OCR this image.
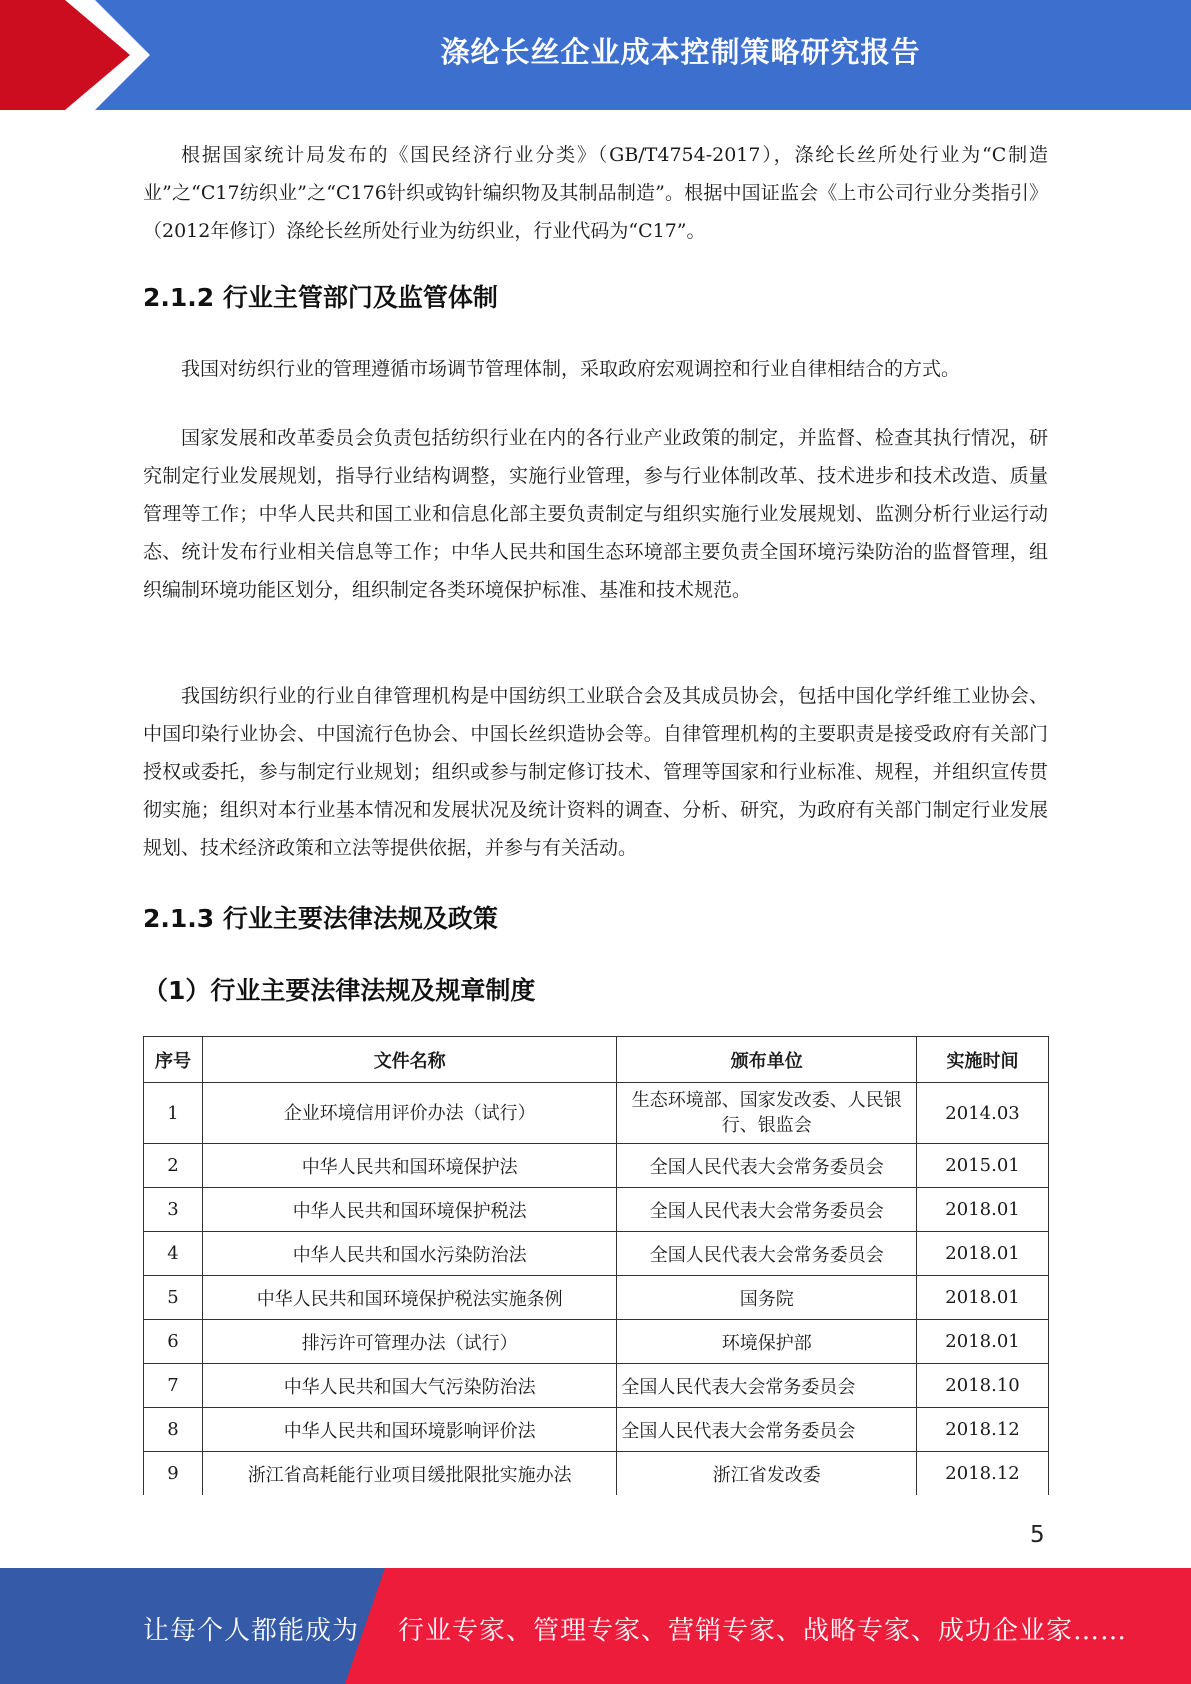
涤纶长丝企业成本控制策略研究报告

根据国家统计局发布的《国民经济行业分类》（GB/T4754-2017），涤纶长丝所处行业为“C制造业”之“C17纺织业”之“C176针织或钩针编织物及其制品制造”。根据中国证监会《上市公司行业分类指引》（2012年修订）涤纶长丝所处行业为纺织业，行业代码为“C17”。

2.1.2 行业主管部门及监管体制

我国对纺织行业的管理遵循市场调节管理体制，采取政府宏观调控和行业自律相结合的方式。

国家发展和改革委员会负责包括纺织行业在内的各行业产业政策的制定，并监督、检查其执行情况，研究制定行业发展规划，指导行业结构调整，实施行业管理，参与行业体制改革、技术进步和技术改造、质量管理等工作；中华人民共和国工业和信息化部主要负责制定与组织实施行业发展规划、监测分析行业运行动态、统计发布行业相关信息等工作；中华人民共和国生态环境部主要负责全国环境污染防治的监督管理，组织编制环境功能区划分，组织制定各类环境保护标准、基准和技术规范。

我国纺织行业的行业自律管理机构是中国纺织工业联合会及其成员协会，包括中国化学纤维工业协会、中国印染行业协会、中国流行色协会、中国长丝织造协会等。自律管理机构的主要职责是接受政府有关部门授权或委托，参与制定行业规划；组织或参与制定修订技术、管理等国家和行业标准、规程，并组织宣传贯彻实施；组织对本行业基本情况和发展状况及统计资料的调查、分析、研究，为政府有关部门制定行业发展规划、技术经济政策和立法等提供依据，并参与有关活动。

2.1.3 行业主要法律法规及政策
（1）行业主要法律法规及规章制度
序号	文件名称	颁布单位	实施时间
1	企业环境信用评价办法（试行）	生态环境部、国家发改委、人民银行、银监会	2014.03
2	中华人民共和国环境保护法	全国人民代表大会常务委员会	2015.01
3	中华人民共和国环境保护税法	全国人民代表大会常务委员会	2018.01
4	中华人民共和国水污染防治法	全国人民代表大会常务委员会	2018.01
5	中华人民共和国环境保护税法实施条例	国务院	2018.01
6	排污许可管理办法（试行）	环境保护部	2018.01
7	中华人民共和国大气污染防治法	全国人民代表大会常务委员会	2018.10
8	中华人民共和国环境影响评价法	全国人民代表大会常务委员会	2018.12
9	浙江省高耗能行业项目缓批限批实施办法	浙江省发改委	2018.12
5
让每个人都能成为 行业专家、管理专家、营销专家、战略专家、成功企业家……
